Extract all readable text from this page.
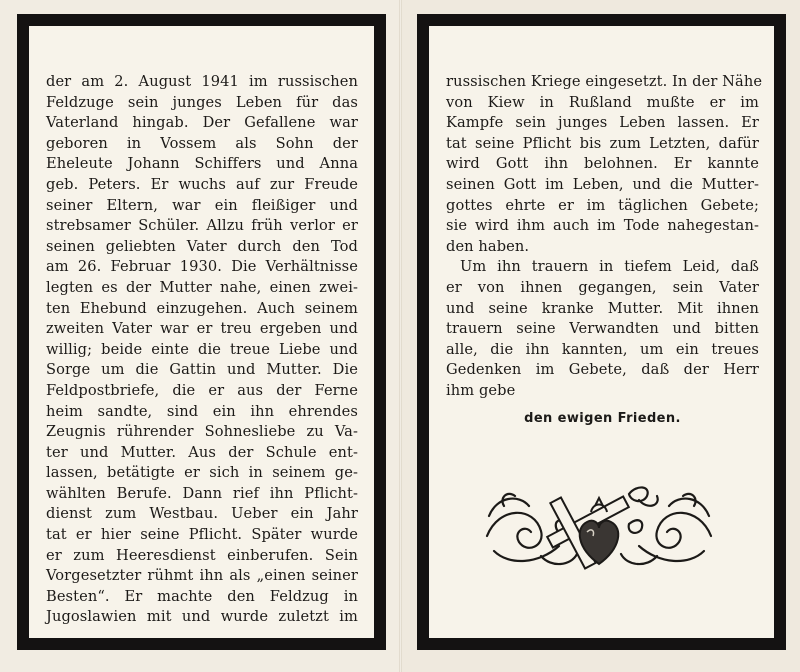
der am 2. August 1941 im russischen
Feldzuge sein junges Leben für das
Vaterland hingab. Der Gefallene war
geboren in Vossem als Sohn der
Eheleute Johann Schiffers und Anna
geb. Peters. Er wuchs auf zur Freude
seiner Eltern, war ein fleißiger und
strebsamer Schüler. Allzu früh verlor er
seinen geliebten Vater durch den Tod
am 26. Februar 1930. Die Verhältnisse
legten es der Mutter nahe, einen zwei-
ten Ehebund einzugehen. Auch seinem
zweiten Vater war er treu ergeben und
willig; beide einte die treue Liebe und
Sorge um die Gattin und Mutter. Die
Feldpostbriefe, die er aus der Ferne
heim sandte, sind ein ihn ehrendes
Zeugnis rührender Sohnesliebe zu Va-
ter und Mutter. Aus der Schule ent-
lassen, betätigte er sich in seinem ge-
wählten Berufe. Dann rief ihn Pflicht-
dienst zum Westbau. Ueber ein Jahr
tat er hier seine Pflicht. Später wurde
er zum Heeresdienst einberufen. Sein
Vorgesetzter rühmt ihn als „einen seiner
Besten“. Er machte den Feldzug in
Jugoslawien mit und wurde zuletzt im
russischen Kriege eingesetzt. In der Nähe
von Kiew in Rußland mußte er im
Kampfe sein junges Leben lassen. Er
tat seine Pflicht bis zum Letzten, dafür
wird Gott ihn belohnen. Er kannte
seinen Gott im Leben, und die Mutter-
gottes ehrte er im täglichen Gebete;
sie wird ihm auch im Tode nahegestan-
den haben.
Um ihn trauern in tiefem Leid, daß
er von ihnen gegangen, sein Vater
und seine kranke Mutter. Mit ihnen
trauern seine Verwandten und bitten
alle, die ihn kannten, um ein treues
Gedenken im Gebete, daß der Herr
ihm gebe
den ewigen Frieden.
